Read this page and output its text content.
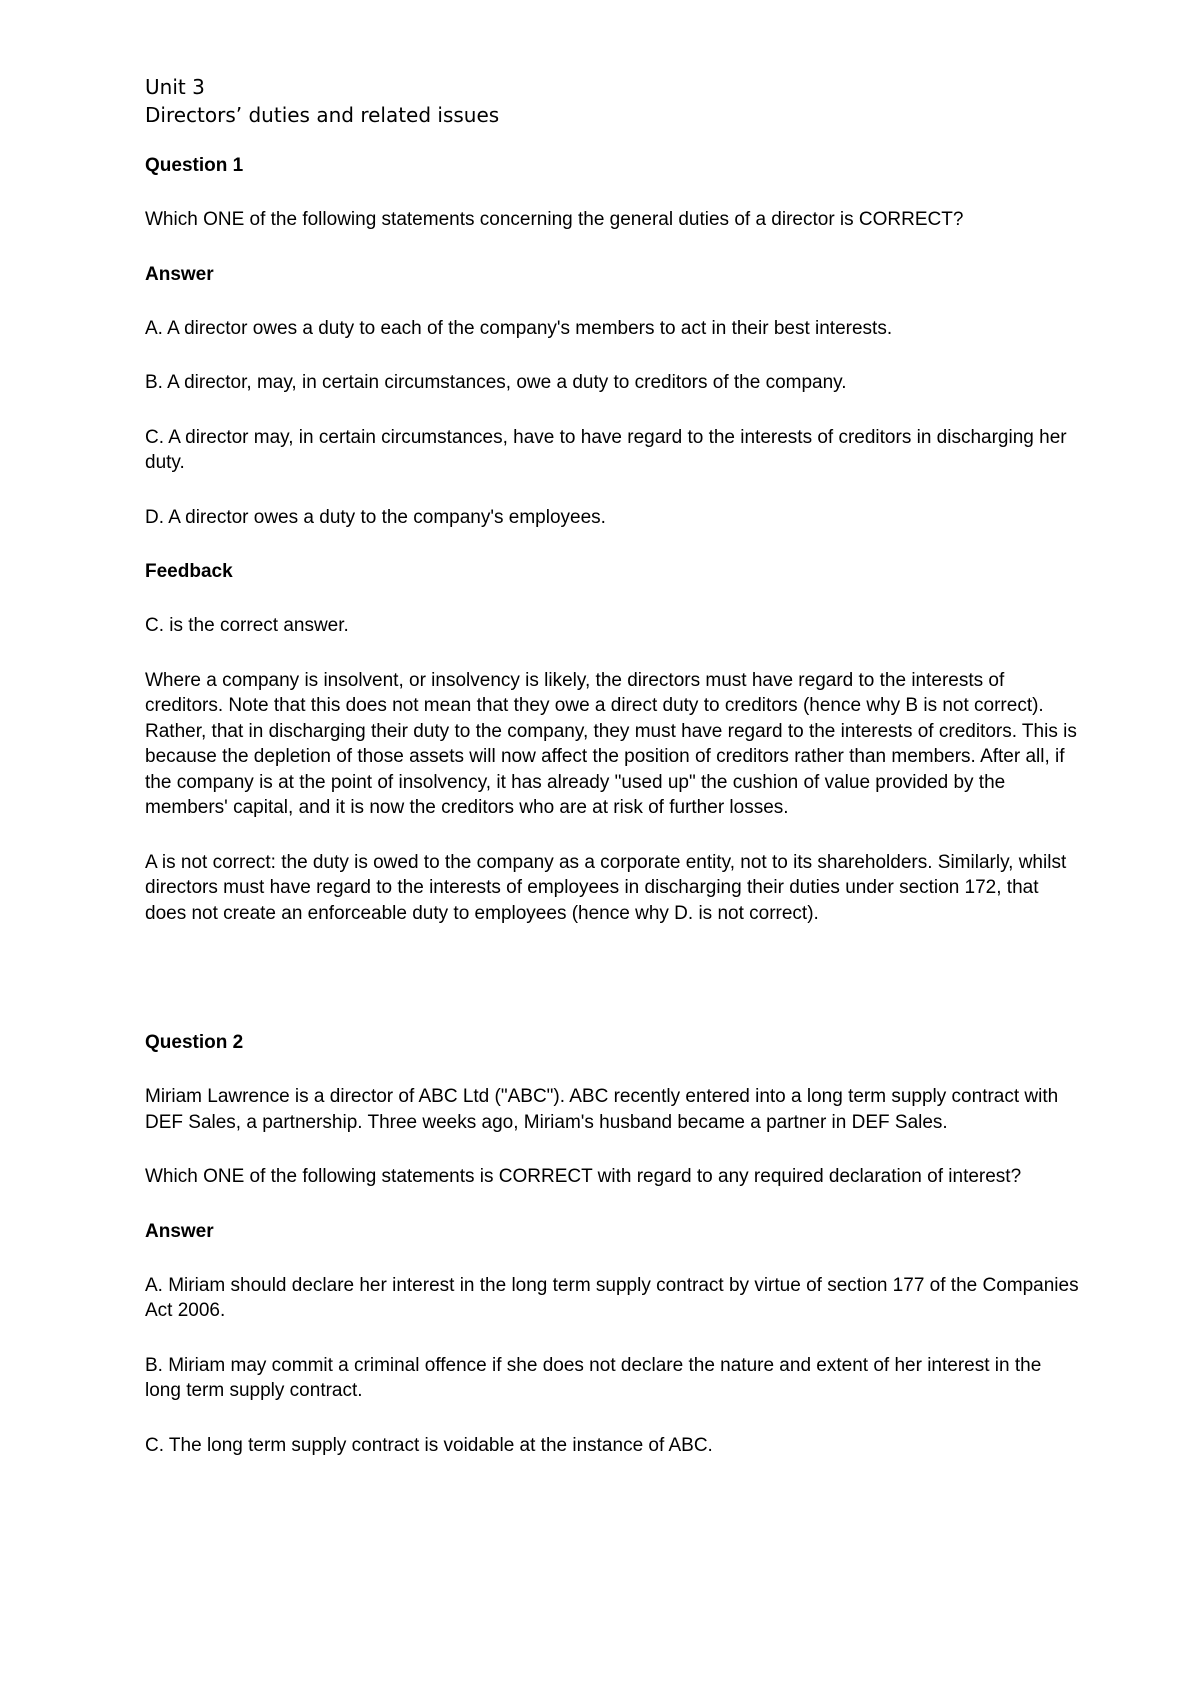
Unit 3
Directors’ duties and related issues
Question 1

Which ONE of the following statements concerning the general duties of a director is CORRECT?

Answer

A. A director owes a duty to each of the company's members to act in their best interests.

B. A director, may, in certain circumstances, owe a duty to creditors of the company.

C. A director may, in certain circumstances, have to have regard to the interests of creditors in discharging her duty.

D. A director owes a duty to the company's employees.

Feedback

C. is the correct answer.

Where a company is insolvent, or insolvency is likely, the directors must have regard to the interests of creditors. Note that this does not mean that they owe a direct duty to creditors (hence why B is not correct). Rather, that in discharging their duty to the company, they must have regard to the interests of creditors. This is because the depletion of those assets will now affect the position of creditors rather than members. After all, if the company is at the point of insolvency, it has already "used up" the cushion of value provided by the members' capital, and it is now the creditors who are at risk of further losses.

A is not correct: the duty is owed to the company as a corporate entity, not to its shareholders. Similarly, whilst directors must have regard to the interests of employees in discharging their duties under section 172, that does not create an enforceable duty to employees (hence why D. is not correct).

Question 2

Miriam Lawrence is a director of ABC Ltd ("ABC"). ABC recently entered into a long term supply contract with DEF Sales, a partnership. Three weeks ago, Miriam's husband became a partner in DEF Sales.

Which ONE of the following statements is CORRECT with regard to any required declaration of interest?

Answer

A. Miriam should declare her interest in the long term supply contract by virtue of section 177 of the Companies Act 2006.

B. Miriam may commit a criminal offence if she does not declare the nature and extent of her interest in the long term supply contract.

C. The long term supply contract is voidable at the instance of ABC.
